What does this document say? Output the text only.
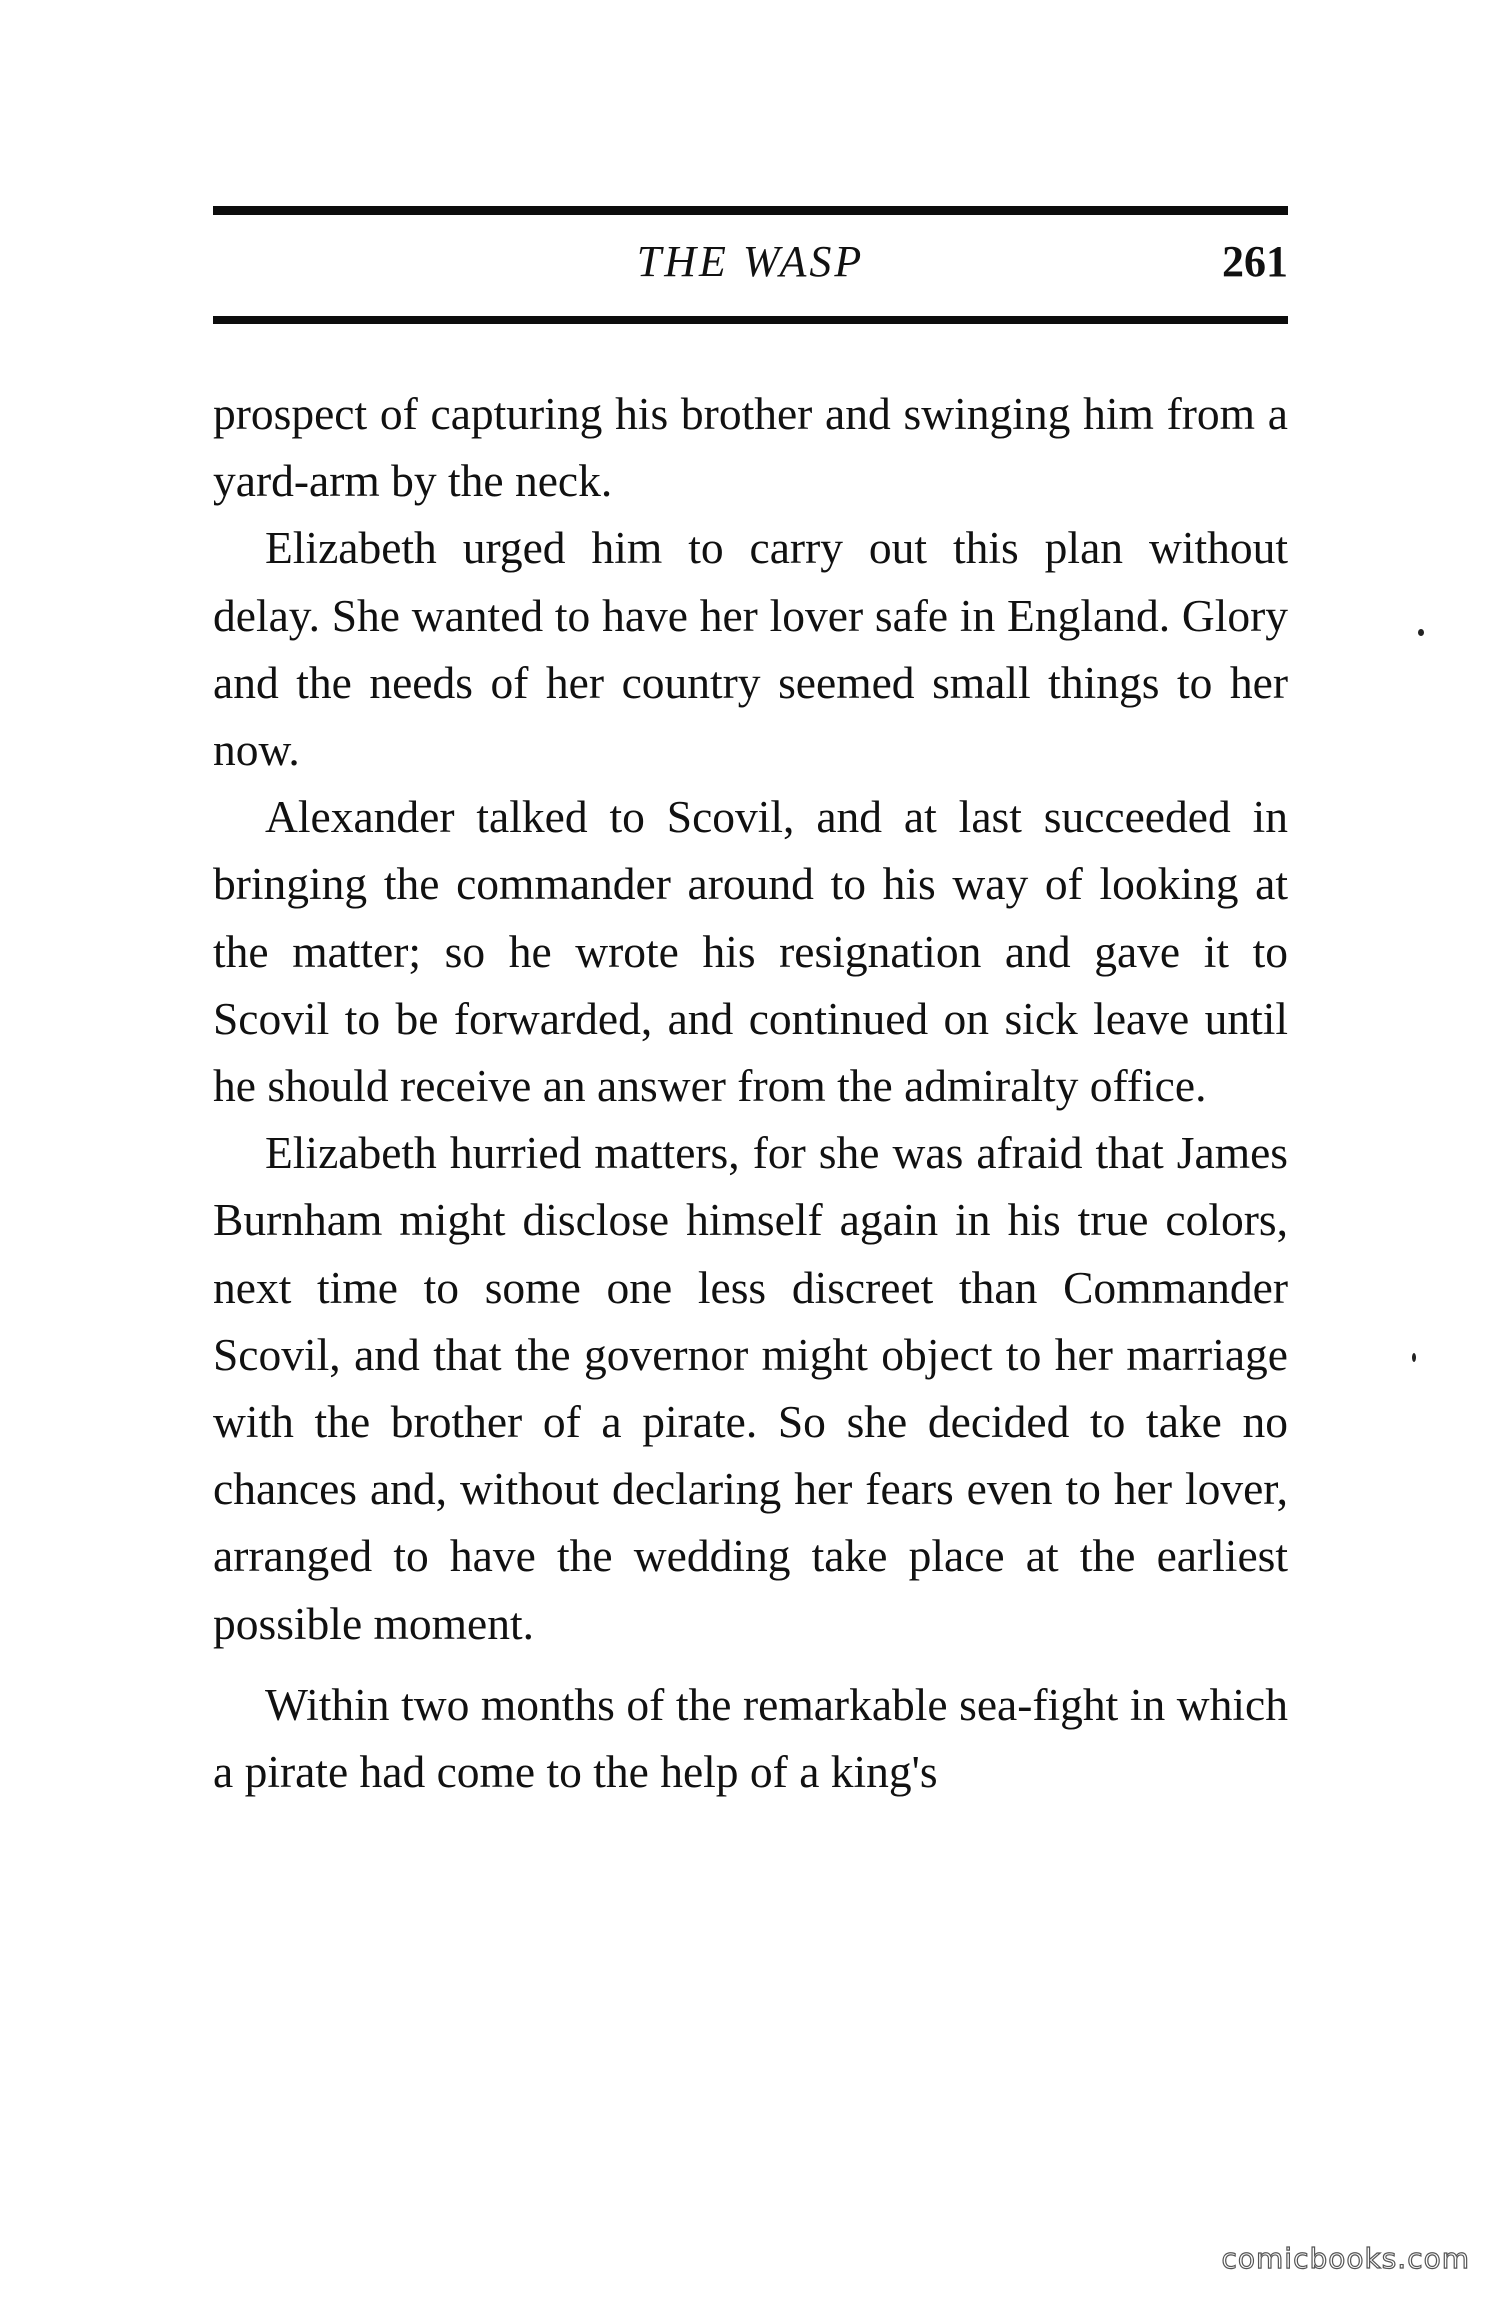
THE WASP	261

prospect of capturing his brother and swinging him from a yard-arm by the neck.

Elizabeth urged him to carry out this plan without delay. She wanted to have her lover safe in England. Glory and the needs of her country seemed small things to her now.

Alexander talked to Scovil, and at last succeeded in bringing the commander around to his way of looking at the matter; so he wrote his resignation and gave it to Scovil to be forwarded, and continued on sick leave until he should receive an answer from the admiralty office.

Elizabeth hurried matters, for she was afraid that James Burnham might disclose himself again in his true colors, next time to some one less discreet than Commander Scovil, and that the governor might object to her marriage with the brother of a pirate. So she decided to take no chances and, without declaring her fears even to her lover, arranged to have the wedding take place at the earliest possible moment.

Within two months of the remarkable sea-fight in which a pirate had come to the help of a king's

comicbooks.com
